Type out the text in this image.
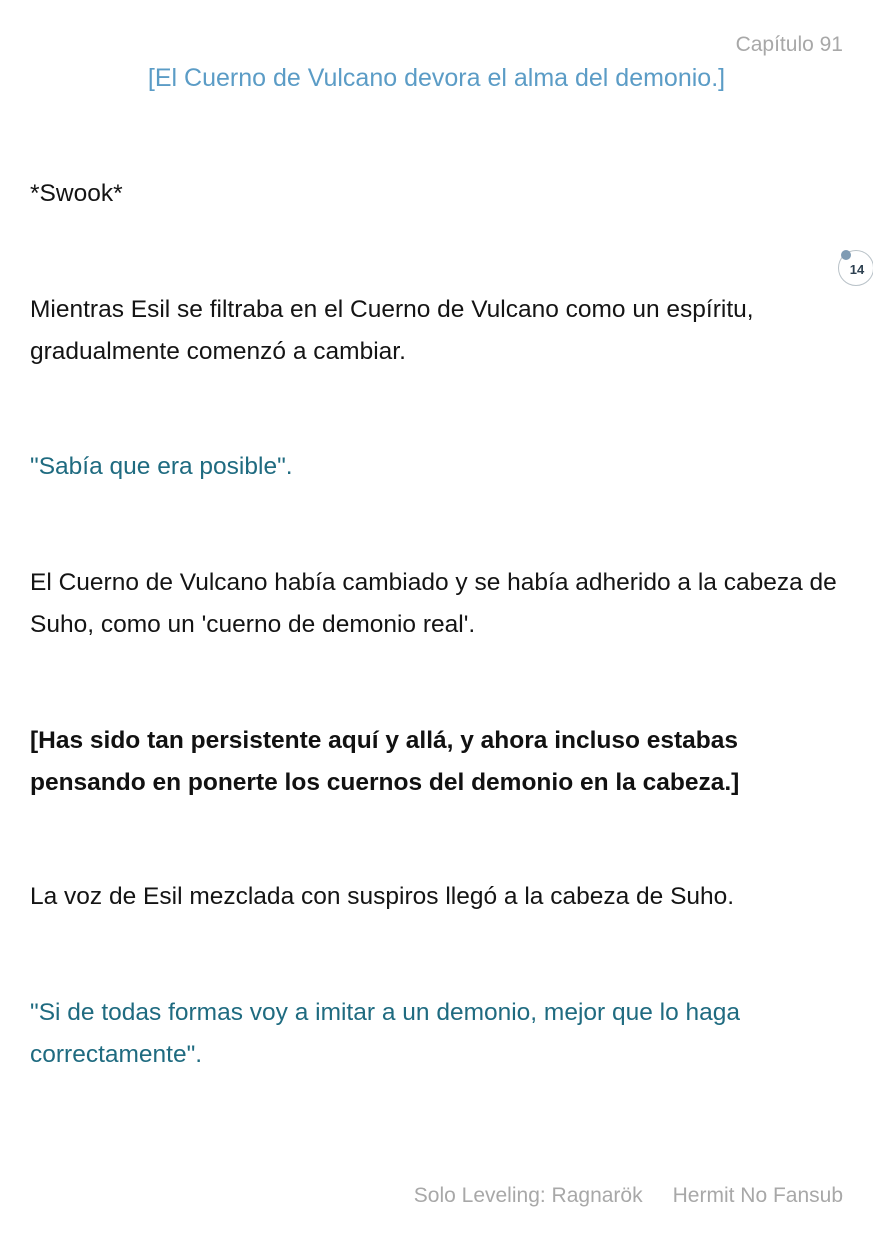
Capítulo 91
[El Cuerno de Vulcano devora el alma del demonio.]
14

*Swook*

Mientras Esil se filtraba en el Cuerno de Vulcano como un espíritu, gradualmente comenzó a cambiar.

"Sabía que era posible".

El Cuerno de Vulcano había cambiado y se había adherido a la cabeza de Suho, como un 'cuerno de demonio real'.

[Has sido tan persistente aquí y allá, y ahora incluso estabas pensando en ponerte los cuernos del demonio en la cabeza.]

La voz de Esil mezclada con suspiros llegó a la cabeza de Suho.

"Si de todas formas voy a imitar a un demonio, mejor que lo haga correctamente".

Solo Leveling: Ragnarök Hermit No Fansub
